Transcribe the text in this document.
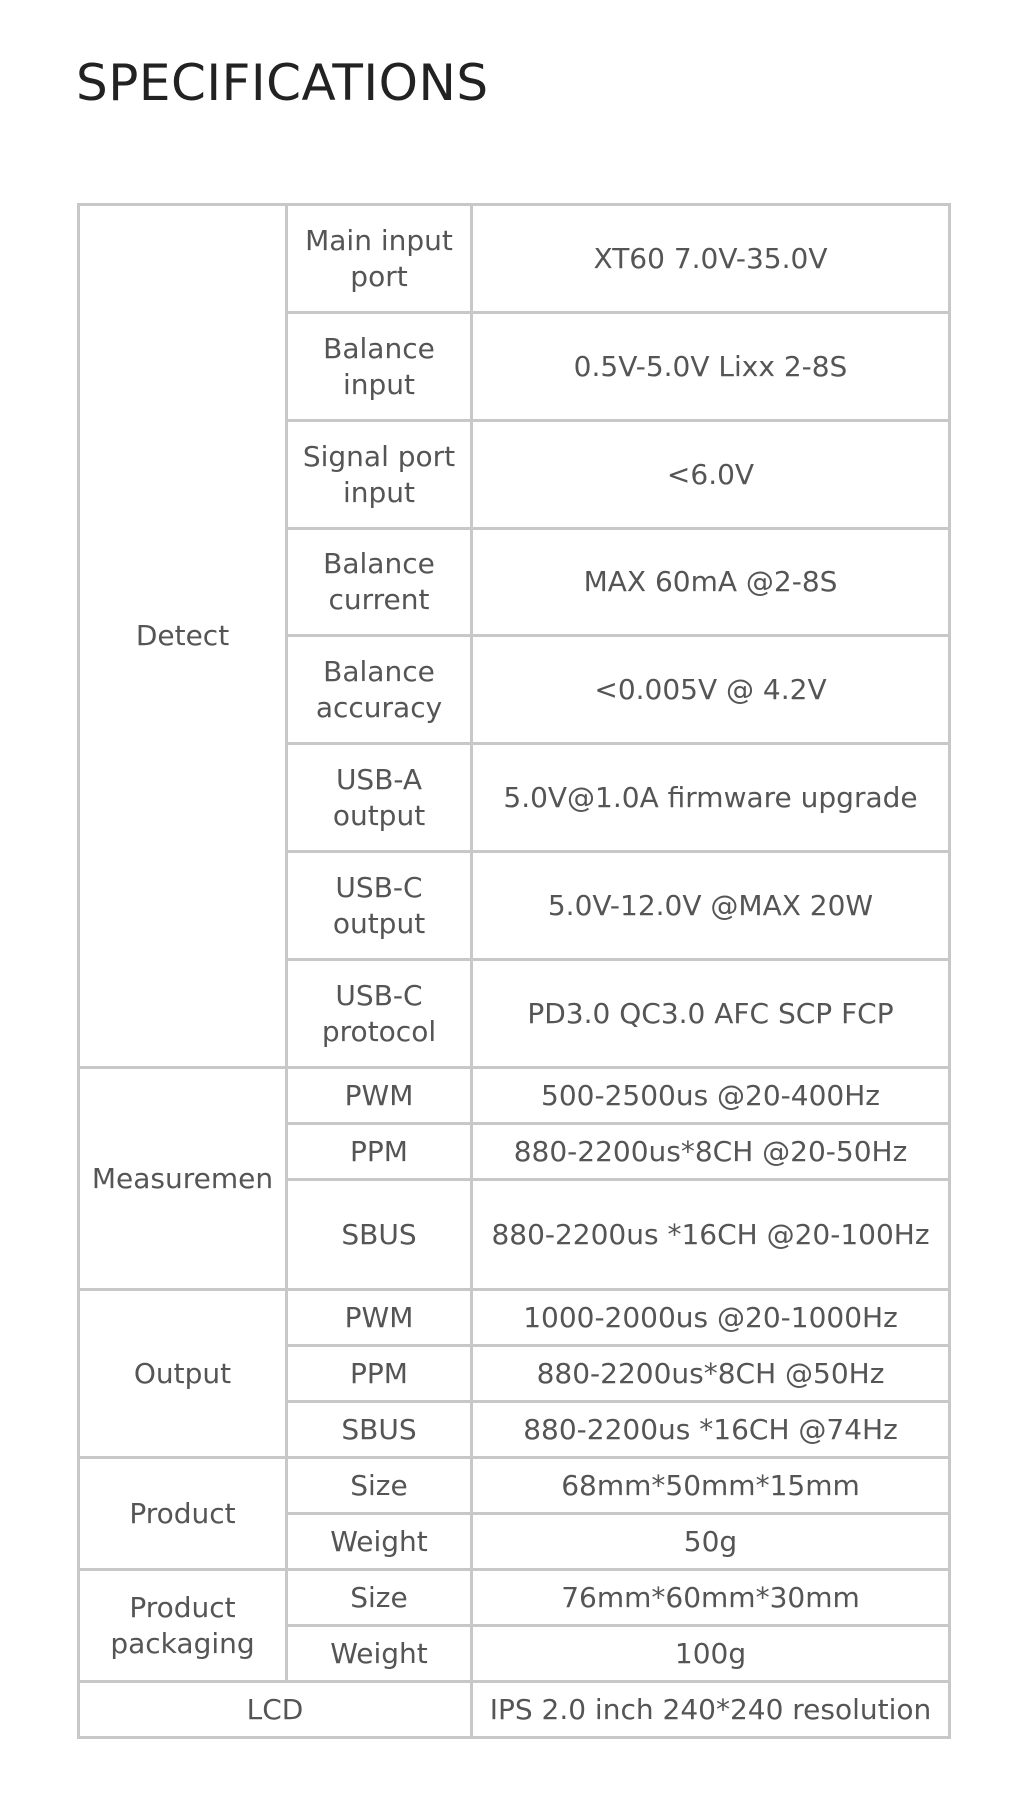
SPECIFICATIONS
Detect	Main input port	XT60 7.0V-35.0V
	Balance input	0.5V-5.0V Lixx 2-8S
	Signal port input	<6.0V
	Balance current	MAX 60mA @2-8S
	Balance accuracy	<0.005V @ 4.2V
	USB-A output	5.0V@1.0A firmware upgrade
	USB-C output	5.0V-12.0V @MAX 20W
	USB-C protocol	PD3.0 QC3.0 AFC SCP FCP
Measuremen	PWM	500-2500us @20-400Hz
	PPM	880-2200us*8CH @20-50Hz
	SBUS	880-2200us *16CH @20-100Hz
Output	PWM	1000-2000us @20-1000Hz
	PPM	880-2200us*8CH @50Hz
	SBUS	880-2200us *16CH @74Hz
Product	Size	68mm*50mm*15mm
	Weight	50g
Product packaging	Size	76mm*60mm*30mm
	Weight	100g
LCD		IPS 2.0 inch 240*240 resolution
